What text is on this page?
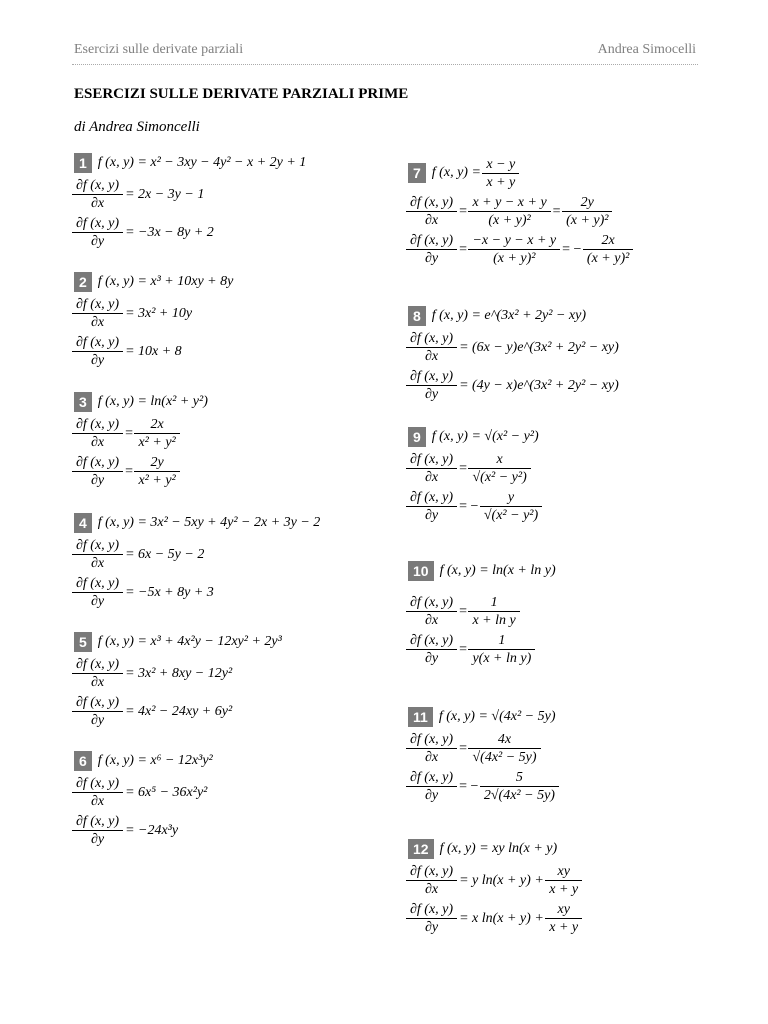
Esercizi sulle derivate parziali	Andrea Simocelli
ESERCIZI SULLE DERIVATE PARZIALI PRIME
di Andrea Simoncelli
1 f (x, y) = x² − 3xy − 4y² − x + 2y + 1
$\frac{\partial f (x, y)}{\partial x} = 2x - 3y - 1$
$\frac{\partial f (x, y)}{\partial y} = -3x - 8y + 2$
2 f (x, y) = x³ + 10xy + 8y
$\frac{\partial f (x, y)}{\partial x} = 3x^2 + 10y$
$\frac{\partial f (x, y)}{\partial y} = 10x + 8$
3 f (x, y) = ln(x² + y²)
$\frac{\partial f (x, y)}{\partial x} = \frac{2x}{\text{x² + y²}}$
$\frac{\partial f (x, y)}{\partial y} = \frac{2y}{\text{x² + y²}}$
4 f (x, y) = 3x² − 5xy + 4y² − 2x + 3y − 2
$\frac{\partial f (x, y)}{\partial x} = 6x - 5y - 2$
$\frac{\partial f (x, y)}{\partial y} = -5x + 8y + 3$
5 f (x, y) = x³ + 4x²y − 12xy² + 2y³
$\frac{\partial f (x, y)}{\partial x} = 3x^2 + 8xy - 12y^2$
$\frac{\partial f (x, y)}{\partial y} = 4x^2 - 24xy + 6y^2$
6 f (x, y) = x⁶ − 12x³y²
$\frac{\partial f (x, y)}{\partial x} = 6x^5 - 36x^2y^2$
$\frac{\partial f (x, y)}{\partial y} = -24x^3y$
7 f (x, y) =
$\frac{x - y}{x + y}$
$\frac{\partial f (x, y)}{\partial x} = \frac{x + y - x + y}{\text{(x + y)²}} = \frac{2y}{\text{(x + y)²}}$
$\frac{\partial f (x, y)}{\partial y} = \frac{-x - y - x + y}{\text{(x + y)²}}$ = − $\frac{2x}{\text{(x + y)²}}$
8 f (x, y) = e^(3x² + 2y² − xy)
$\frac{\partial f (x, y)}{\partial x} = (6x$ − y)e^(3x² + 2y² − xy)
$\frac{\partial f (x, y)}{\partial y} = (4y$ − x)e^(3x² + 2y² − xy)
9 f (x, y) = √(x² − y²)
$\frac{\partial f (x, y)}{\partial x} = \frac{x}{\text{√(x² − y²)}}$
$\frac{\partial f (x, y)}{\partial y}$ = − $\frac{y}{\text{√(x² − y²)}}$
10 f (x, y) = ln(x + ln y)
$\frac{\partial f (x, y)}{\partial x} = \frac{1}{\text{x + ln y}}$
$\frac{\partial f (x, y)}{\partial y} = \frac{1}{\text{y(x + ln y)}}$
11 f (x, y) = √(4x² − 5y)
$\frac{\partial f (x, y)}{\partial x} = \frac{4x}{\text{√(4x² − 5y)}}$
$\frac{\partial f (x, y)}{\partial y}$ = − $\frac{5}{\text{2√(4x² − 5y)}}$
12 f (x, y) = xy ln(x + y)
$\frac{\partial f (x, y)}{\partial x} = y$ ln(x + y) +
$\frac{xy}{x + y}$
$\frac{\partial f (x, y)}{\partial y} = x$ ln(x + y) +
$\frac{xy}{x + y}$
